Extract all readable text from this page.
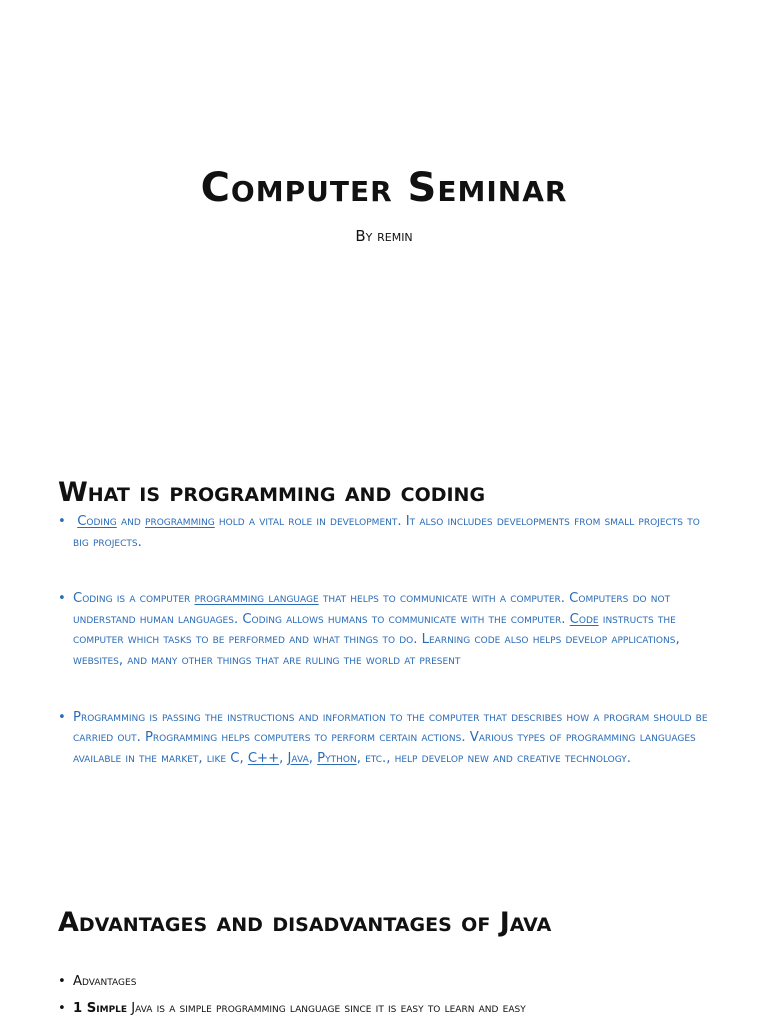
Computer Seminar
By remin
What is programming and coding
• Coding and programming hold a vital role in development. It also includes developments from small projects to big projects.
• Coding is a computer programming language that helps to communicate with a computer. Computers do not understand human languages. Coding allows humans to communicate with the computer. Code instructs the computer which tasks to be performed and what things to do. Learning code also helps develop applications, websites, and many other things that are ruling the world at present
• Programming is passing the instructions and information to the computer that describes how a program should be carried out. Programming helps computers to perform certain actions. Various types of programming languages available in the market, like C, C++, Java, Python, etc., help develop new and creative technology.
Advantages and disadvantages of Java
• Advantages
• 1 Simple Java is a simple programming language since it is easy to learn and easy
